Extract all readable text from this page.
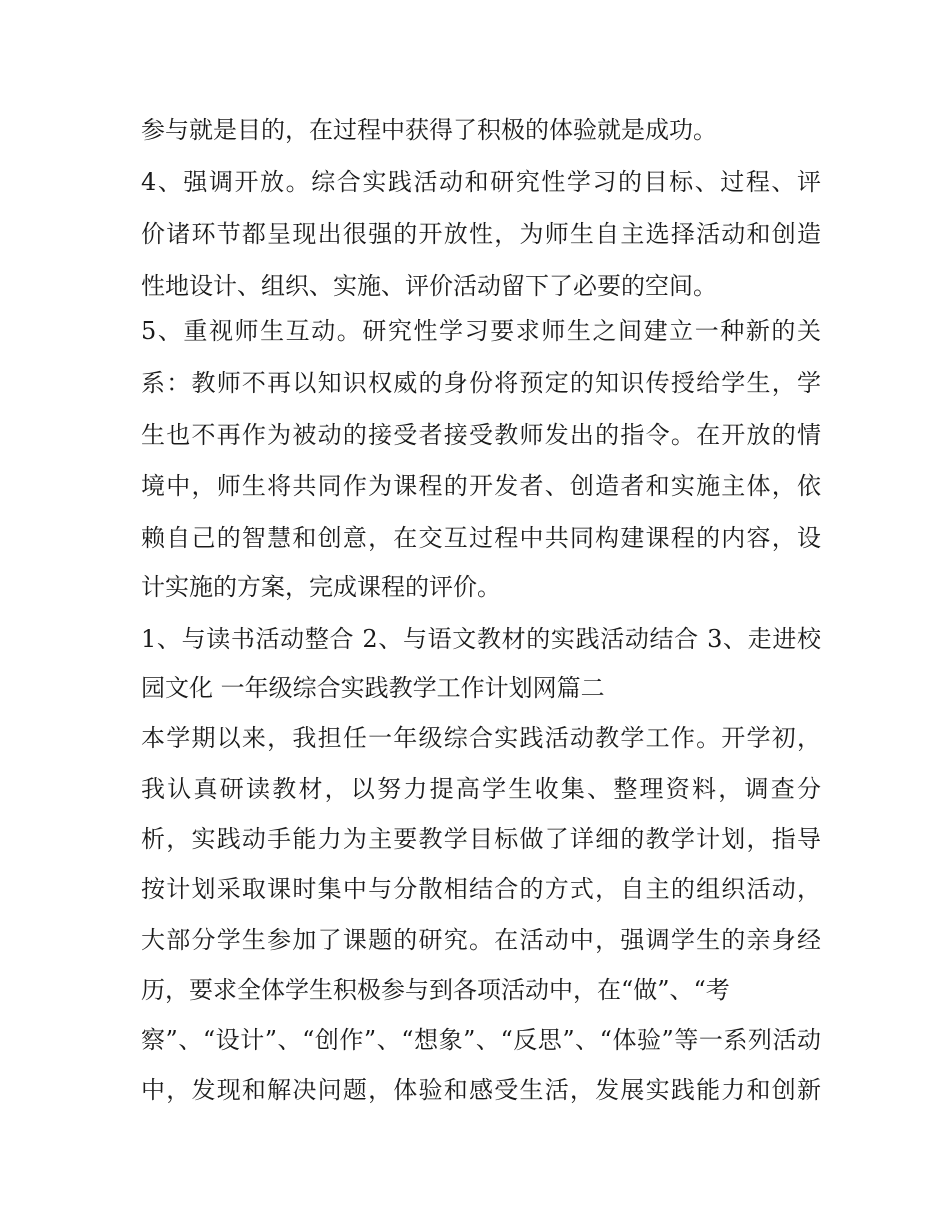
参与就是目的，在过程中获得了积极的体验就是成功。
4、强调开放。综合实践活动和研究性学习的目标、过程、评
价诸环节都呈现出很强的开放性，为师生自主选择活动和创造
性地设计、组织、实施、评价活动留下了必要的空间。
5、重视师生互动。研究性学习要求师生之间建立一种新的关
系：教师不再以知识权威的身份将预定的知识传授给学生，学
生也不再作为被动的接受者接受教师发出的指令。在开放的情
境中，师生将共同作为课程的开发者、创造者和实施主体，依
赖自己的智慧和创意，在交互过程中共同构建课程的内容，设
计实施的方案，完成课程的评价。
1、与读书活动整合 2、与语文教材的实践活动结合 3、走进校
园文化 一年级综合实践教学工作计划网篇二
本学期以来，我担任一年级综合实践活动教学工作。开学初，
我认真研读教材，以努力提高学生收集、整理资料，调查分
析，实践动手能力为主要教学目标做了详细的教学计划，指导
按计划采取课时集中与分散相结合的方式，自主的组织活动，
大部分学生参加了课题的研究。在活动中，强调学生的亲身经
历，要求全体学生积极参与到各项活动中，在“做”、“考
察”、“设计”、“创作”、“想象”、“反思”、“体验”等一系列活动
中，发现和解决问题，体验和感受生活，发展实践能力和创新
